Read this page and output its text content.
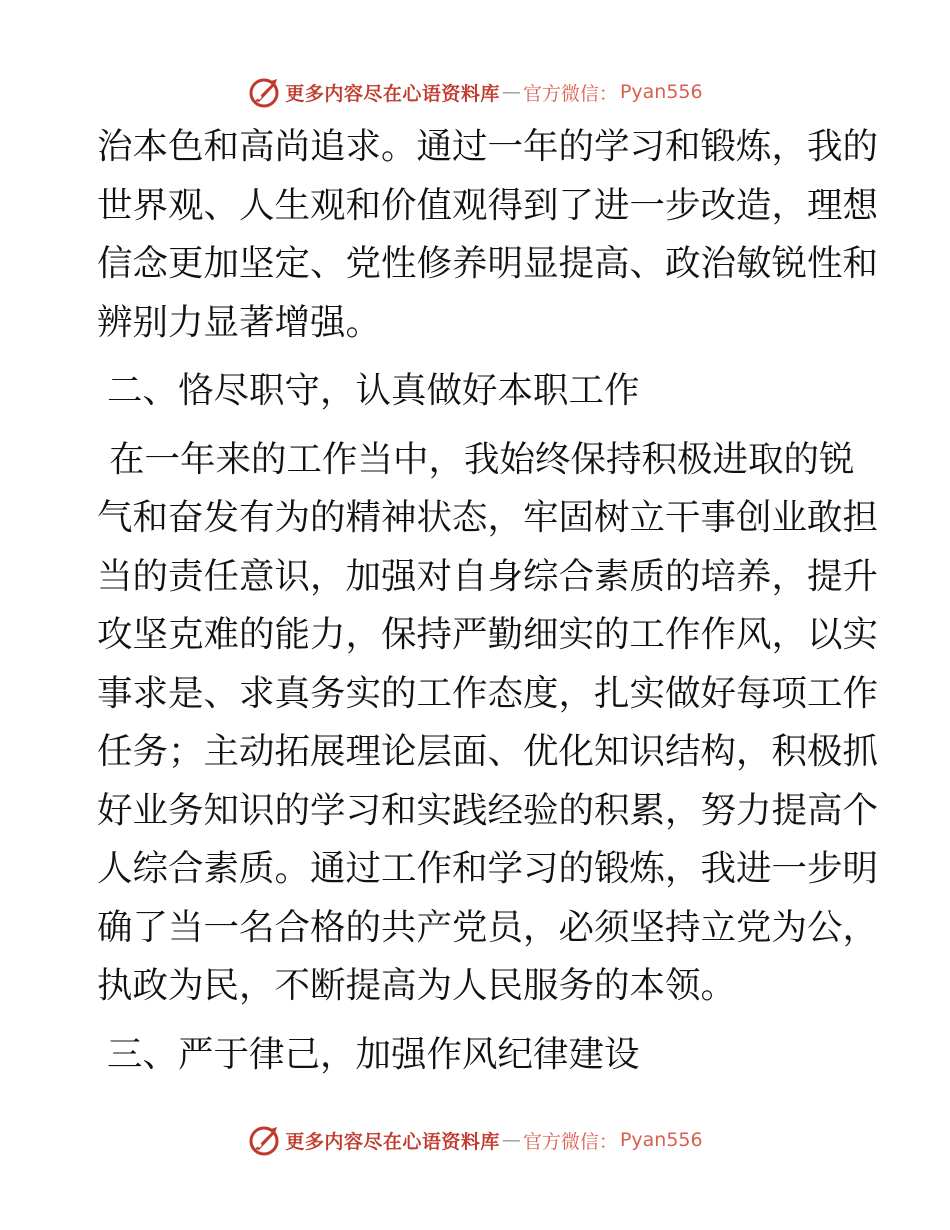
更多内容尽在心语资料库 — 官方微信： Pyan556
治本色和高尚追求。通过一年的学习和锻炼，我的
世界观、人生观和价值观得到了进一步改造，理想
信念更加坚定、党性修养明显提高、政治敏锐性和
辨别力显著增强。
二、恪尽职守，认真做好本职工作
在一年来的工作当中，我始终保持积极进取的锐
气和奋发有为的精神状态，牢固树立干事创业敢担
当的责任意识，加强对自身综合素质的培养，提升
攻坚克难的能力，保持严勤细实的工作作风，以实
事求是、求真务实的工作态度，扎实做好每项工作
任务；主动拓展理论层面、优化知识结构，积极抓
好业务知识的学习和实践经验的积累，努力提高个
人综合素质。通过工作和学习的锻炼，我进一步明
确了当一名合格的共产党员，必须坚持立党为公，
执政为民，不断提高为人民服务的本领。
三、严于律己，加强作风纪律建设
更多内容尽在心语资料库 — 官方微信： Pyan556
